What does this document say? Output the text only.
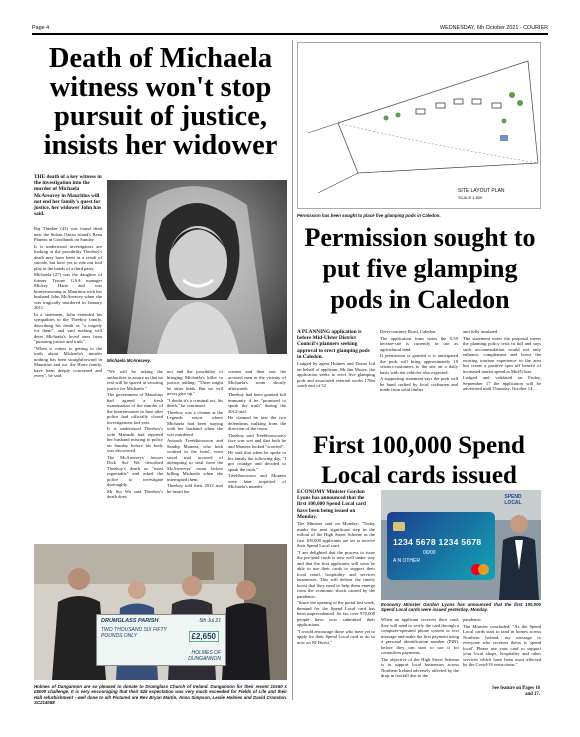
Page 4	WEDNESDAY, 6th October 2021 - COURIER
Death of Michaela witness won't stop pursuit of justice, insists her widower
THE death of a key witness in the investigation into the murder of Michaela McAreavey in Mauritius will not end her family's quest for justice, her widower John has said.

Raj Theeker (43) was found dead near the Sultan Ozeau island's Beau Plateau in Goodlands on Sunday.

It is understood investigators are looking at the possibility Theeboy's death may have been as a result of suicide, but have yet to rule out foul play at the hands of a third party.

Michaela (27) was the daughter of former Tyrone GAA manager Mickey Harte and was honeymooning in Mauritius with her husband John McAreavey when she was tragically murdered in January 2011.

In a statement, John extended his sympathies to the Theeboy family, describing his death as "a tragedy for them", and said nothing will deter Michaela's loved ones from "pursuing justice and truth".

"When it comes to getting to the truth about Michaela's murder nothing has been straightforward in Mauritius and we, the Harte family, have been deeply concerned and every", he said.

Michaela McAreavey.

"We will be asking the authorities to assure us that no real will be spared in securing justice for Michaela."

The government of Mauritius had agreed a fresh examination of the murder of the honeymooner in June after police had officially closed investigations last year.

It is understood Theeboy's wife Manushi had reported her husband missing to police on Sunday before his body was discovered.

The McAreaveys' lawyer Dick Sui Wa described Theeboy's death as "most regrettable" and asked the police to investigate thoroughly.

Mr Sui Wa said Theeboy's death does

not end the possibility of bringing Michaela's killer to justice, adding: "There might be other leads. But we will never give up."

"I doubt it's a criminal act, his death," he continued.

Theeboy was a cleaner at the Legends resort where Michaela had been staying with her husband when she was murdered.

Avinash Treebhoowoon and Sandip Moneea, who both worked in the hotel, were stood trial accused of attempting to steal from the McAreaveys' room before killing Michaela when she interrupted them.

Theeboy told their 2012 trial he heard her

scream and then saw the accused men in the vicinity of Michaela's room shortly afterwards.

Theeboy had been granted full immunity if he "promised to speak the truth" during the 2012 trial.

He claimed he saw the two defendants walking from the direction of the room.

Theeboy said Treebhoowoon's face was wet and that both he and Moneea looked "worried".

He said that when he spoke to his family the following day, "I got courage and decided to speak the truth."

Treebhoowoon and Moneea were later acquitted of Michaela's murder.

DRUMGLASS PARISH
TWO THOUSAND SIX FIFTY POUNDS ONLY
5th Jul 21
£2,650
HOLMES OF DUNGANNON
Holmes of Dungannon are so pleased to donate to Drumglass Church of Ireland. Dungannon for their recent 10x50 x £5000 challenge. It is very encouraging that their 52k expectation was very much exceeded for Fields of Life and their Hall refurbishment - well done to all! Pictured are Rev Bryan Martin, Anna Simpson, Leslie Holmes and David Cranston. SC214058
SITE LAYOUT PLAN
SCALE 1:500
Permission has been sought to place five glamping pods in Caledon.
Permission sought to put five glamping pods in Caledon

A PLANNING application is before Mid-Ulster District Council's planners seeking approval to erect glamping pods in Caledon.

Lodged by agent Holmes and Doran Ltd on behalf of applicant, Mr Jim Moore, the application seeks to erect five glamping pods and associated external works 170m south east of 52

Derrycourtney Road, Caledon.

The application form notes the 0.59 hectare-site is currently in use as agricultural land.

If permission is granted it is anticipated the pods will bring approximately 10 visitors-customers to the site on a daily basis with ten vehicles also expected.

A supporting statement says the pods will be hand crafted by local craftsmen and made from solid timber

and fully insulated.

The statement notes the proposal meets the planning policy tests in full and says such accommodation would not only enhance, complement and boost the existing tourism experience in the area but create a positive spin off benefit of increased tourist spend in Mid-Ulster.

Lodged and validated on Friday, September 17 the application will be advertised until Thursday, October 14.

First 100,000 Spend Local cards issued

ECONOMY Minister Gordon Lyons has announced that the first 100,000 Spend Local card have been being issued on Monday.

The Minister said on Monday: "Today marks the next significant step in the rollout of the High Street Scheme as the first 100,000 applicants are set to receive their Spend Local card.

"I am delighted that the process to issue the pre-paid cards is now well under way and that the first applicants will soon be able to use their cards to support their local retail, hospitality and services businesses. This will deliver the timely boost that they need to help them emerge from the economic shock caused by the pandemic.

"Since the opening of the portal last week, demand for the Spend Local card has been unprecedented. So far, over 970,000 people have now submitted their applications.

"I would encourage those who have yet to apply for their Spend Local card to do so now on NI Direct."

1234 5678 1234 5678
00/00
A N OTHER
SPEND LOCAL
Economy Minister Gordon Lyons has announced that the first 100,000 Spend Local cards were issued yesterday, Monday.

When an applicant receives their card, they will need to verify the card through a computer-operated phone system or text message and make the first payment using a personal identification number (PIN), before they can start to use it for contactless payments.

The objective of the High Street Scheme is to support local businesses across Northern Ireland adversely affected by the drop in footfall due to the

pandemic.

The Minister concluded: "As the Spend Local cards start to land in homes across Northern Ireland, my message to everyone who receives theirs is 'spend local'. Please use your card to support your local shops, hospitality and other services which have been most affected by the Covid-19 restrictions."

See feature on Pages 16 and 17.
